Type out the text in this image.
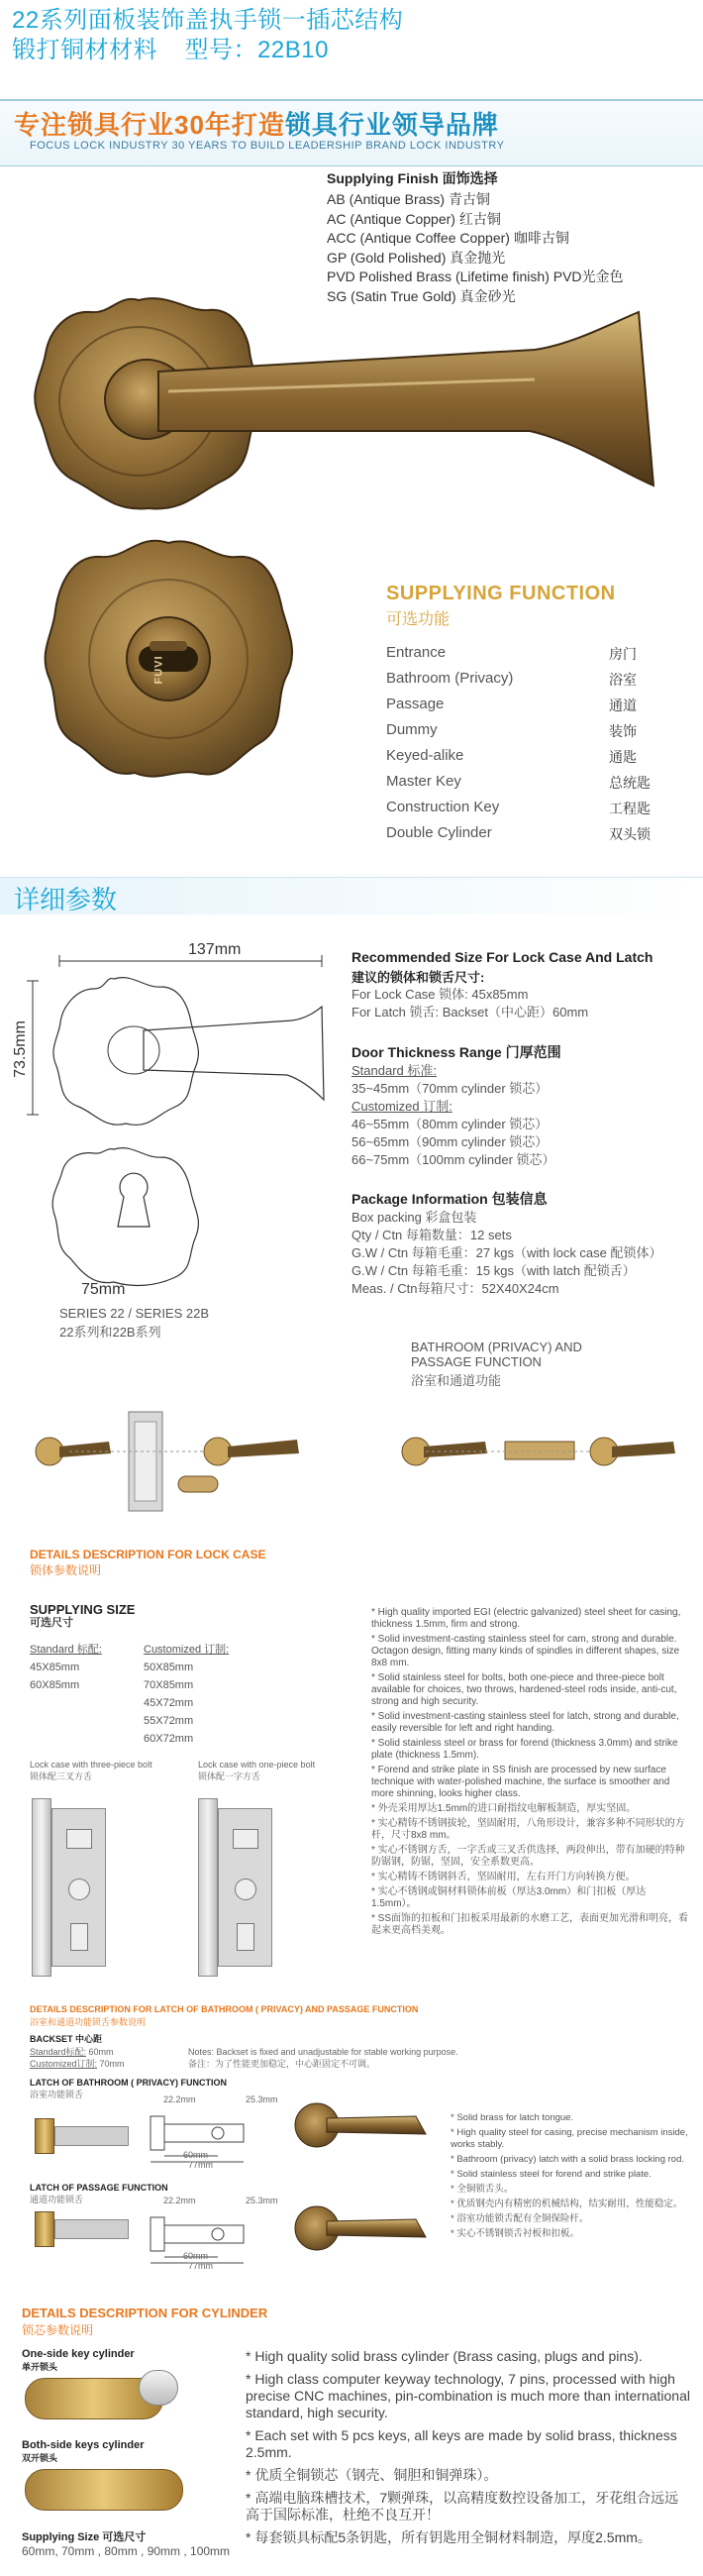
22系列面板装饰盖执手锁一插芯结构
锻打铜材材料 型号：22B10
专注锁具行业30年打造锁具行业领导品牌
FOCUS LOCK INDUSTRY 30 YEARS TO BUILD LEADERSHIP BRAND LOCK INDUSTRY
Supplying Finish 面饰选择
AB (Antique Brass) 青古铜
AC (Antique Copper) 红古铜
ACC (Antique Coffee Copper) 咖啡古铜
GP (Gold Polished) 真金抛光
PVD Polished Brass (Lifetime finish) PVD光金色
SG (Satin True Gold) 真金砂光
FUVI
SUPPLYING FUNCTION
可选功能
Entrance	房门
Bathroom (Privacy)	浴室
Passage	通道
Dummy	装饰
Keyed-alike	通匙
Master Key	总统匙
Construction Key	工程匙
Double Cylinder	双头锁
详细参数
137mm
73.5mm
75mm
SERIES 22 / SERIES 22B
22系列和22B系列
Recommended Size For Lock Case And Latch
建议的锁体和锁舌尺寸:
For Lock Case 锁体: 45x85mm
For Latch 锁舌: Backset（中心距）60mm
Door Thickness Range 门厚范围
Standard 标准:
35~45mm（70mm cylinder 锁芯）
Customized 订制:
46~55mm（80mm cylinder 锁芯）
56~65mm（90mm cylinder 锁芯）
66~75mm（100mm cylinder 锁芯）
Package Information 包装信息
Box packing 彩盒包装
Qty / Ctn 每箱数量：12 sets
G.W / Ctn 每箱毛重：27 kgs（with lock case 配锁体）
G.W / Ctn 每箱毛重：15 kgs（with latch 配锁舌）
Meas. / Ctn每箱尺寸：52X40X24cm
BATHROOM (PRIVACY) AND PASSAGE FUNCTION
浴室和通道功能
DETAILS DESCRIPTION FOR LOCK CASE
锁体参数说明
SUPPLYING SIZE
可选尺寸
Standard 标配:
45X85mm
60X85mm
Customized 订制:
50X85mm
70X85mm
45X72mm
55X72mm
60X72mm
Lock case with three-piece bolt
锁体配三叉方舌
Lock case with one-piece bolt
锁体配一字方舌
* High quality imported EGI (electric galvanized) steel sheet for casing, thickness 1.5mm, firm and strong.
* Solid investment-casting stainless steel for cam, strong and durable. Octagon design, fitting many kinds of spindles in different shapes, size 8x8 mm.
* Solid stainless steel for bolts, both one-piece and three-piece bolt available for choices, two throws, hardened-steel rods inside, anti-cut, strong and high security.
* Solid investment-casting stainless steel for latch, strong and durable, easily reversible for left and right handing.
* Solid stainless steel or brass for forend (thickness 3.0mm) and strike plate (thickness 1.5mm).
* Forend and strike plate in SS finish are processed by new surface technique with water-polished machine, the surface is smoother and more shinning, looks higher class.
* 外壳采用厚达1.5mm的进口耐指纹电解板制造，厚实坚固。
* 实心精铸不锈钢拔轮，坚固耐用，八角形设计，兼容多种不同形状的方杆，尺寸8x8 mm。
* 实心不锈钢方舌，一字舌或三叉舌供选择，两段伸出，带有加硬的特种防锯钢，防锯，坚固，安全系数更高。
* 实心精铸不锈钢斜舌，坚固耐用，左右开门方向转换方便。
* 实心不锈钢或铜材料锁体前板（厚达3.0mm）和门扣板（厚达1.5mm）。
* SS面饰的扣板和门扣板采用最新的水磨工艺，表面更加光滑和明亮，看起来更高档美观。
DETAILS DESCRIPTION FOR LATCH OF BATHROOM ( PRIVACY) AND PASSAGE FUNCTION
浴室和通道功能锁舌参数说明
BACKSET 中心距
Standard标配: 60mm
Customized订制: 70mm
Notes: Backset is fixed and unadjustable for stable working purpose.
备注：为了性能更加稳定，中心距固定不可调。
LATCH OF BATHROOM ( PRIVACY) FUNCTION
浴室功能锁舌
LATCH OF PASSAGE FUNCTION
通道功能锁舌
22.2mm	25.3mm
60mm
77mm
22.2mm	25.3mm
60mm
77mm
* Solid brass for latch tongue.
* High quality steel for casing, precise mechanism inside, works stably.
* Bathroom (privacy) latch with a solid brass locking rod.
* Solid stainless steel for forend and strike plate.
* 全铜锁舌头。
* 优质钢壳内有精密的机械结构，结实耐用，性能稳定。
* 浴室功能锁舌配有全铜保险杆。
* 实心不锈钢锁舌衬板和扣板。
DETAILS DESCRIPTION FOR CYLINDER
锁芯参数说明
One-side key cylinder
单开锁头
Both-side keys cylinder
双开锁头
Supplying Size 可选尺寸
60mm, 70mm , 80mm , 90mm , 100mm
* High quality solid brass cylinder (Brass casing, plugs and pins).
* High class computer keyway technology, 7 pins, processed with high precise CNC machines, pin-combination is much more than international standard, high security.
* Each set with 5 pcs keys, all keys are made by solid brass, thickness 2.5mm.
* 优质全铜锁芯（钢壳、铜胆和铜弹珠）。
* 高端电脑珠槽技术，7颗弹珠，以高精度数控设备加工，牙花组合远远高于国际标准，杜绝不良互开！
* 每套锁具标配5条钥匙，所有钥匙用全铜材料制造，厚度2.5mm。
